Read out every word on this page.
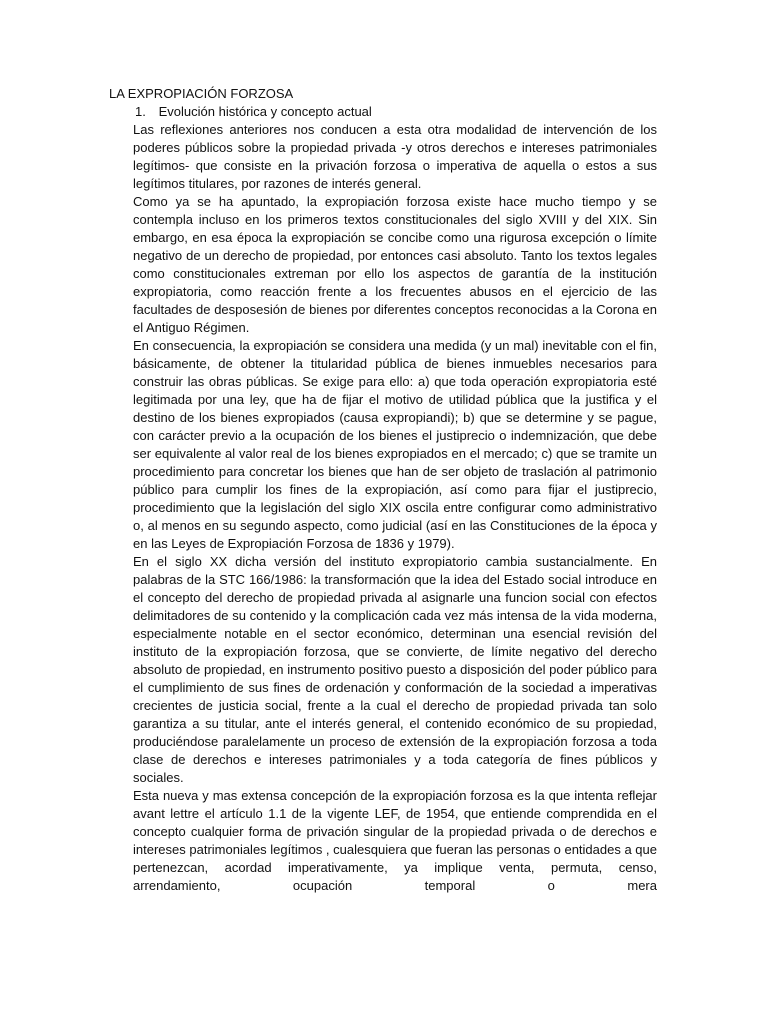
LA EXPROPIACIÓN FORZOSA
1. Evolución histórica y concepto actual

Las reflexiones anteriores nos conducen a esta otra modalidad de intervención de los poderes públicos sobre la propiedad privada -y otros derechos e intereses patrimoniales legítimos- que consiste en la privación forzosa o imperativa de aquella o estos a sus legítimos titulares, por razones de interés general.

Como ya se ha apuntado, la expropiación forzosa existe hace mucho tiempo y se contempla incluso en los primeros textos constitucionales del siglo XVIII y del XIX. Sin embargo, en esa época la expropiación se concibe como una rigurosa excepción o límite negativo de un derecho de propiedad, por entonces casi absoluto. Tanto los textos legales como constitucionales extreman por ello los aspectos de garantía de la institución expropiatoria, como reacción frente a los frecuentes abusos en el ejercicio de las facultades de desposesión de bienes por diferentes conceptos reconocidas a la Corona en el Antiguo Régimen.

En consecuencia, la expropiación se considera una medida (y un mal) inevitable con el fin, básicamente, de obtener la titularidad pública de bienes inmuebles necesarios para construir las obras públicas. Se exige para ello: a) que toda operación expropiatoria esté legitimada por una ley, que ha de fijar el motivo de utilidad pública que la justifica y el destino de los bienes expropiados (causa expropiandi); b) que se determine y se pague, con carácter previo a la ocupación de los bienes el justiprecio o indemnización, que debe ser equivalente al valor real de los bienes expropiados en el mercado; c) que se tramite un procedimiento para concretar los bienes que han de ser objeto de traslación al patrimonio público para cumplir los fines de la expropiación, así como para fijar el justiprecio, procedimiento que la legislación del siglo XIX oscila entre configurar como administrativo o, al menos en su segundo aspecto, como judicial (así en las Constituciones de la época y en las Leyes de Expropiación Forzosa de 1836 y 1979).

En el siglo XX dicha versión del instituto expropiatorio cambia sustancialmente. En palabras de la STC 166/1986: la transformación que la idea del Estado social introduce en el concepto del derecho de propiedad privada al asignarle una funcion social con efectos delimitadores de su contenido y la complicación cada vez más intensa de la vida moderna, especialmente notable en el sector económico, determinan una esencial revisión del instituto de la expropiación forzosa, que se convierte, de límite negativo del derecho absoluto de propiedad, en instrumento positivo puesto a disposición del poder público para el cumplimiento de sus fines de ordenación y conformación de la sociedad a imperativas crecientes de justicia social, frente a la cual el derecho de propiedad privada tan solo garantiza a su titular, ante el interés general, el contenido económico de su propiedad, produciéndose paralelamente un proceso de extensión de la expropiación forzosa a toda clase de derechos e intereses patrimoniales y a toda categoría de fines públicos y sociales.

Esta nueva y mas extensa concepción de la expropiación forzosa es la que intenta reflejar avant lettre el artículo 1.1 de la vigente LEF, de 1954, que entiende comprendida en el concepto cualquier forma de privación singular de la propiedad privada o de derechos e intereses patrimoniales legítimos , cualesquiera que fueran las personas o entidades a que pertenezcan, acordad imperativamente, ya implique venta, permuta, censo, arrendamiento, ocupación temporal o mera
